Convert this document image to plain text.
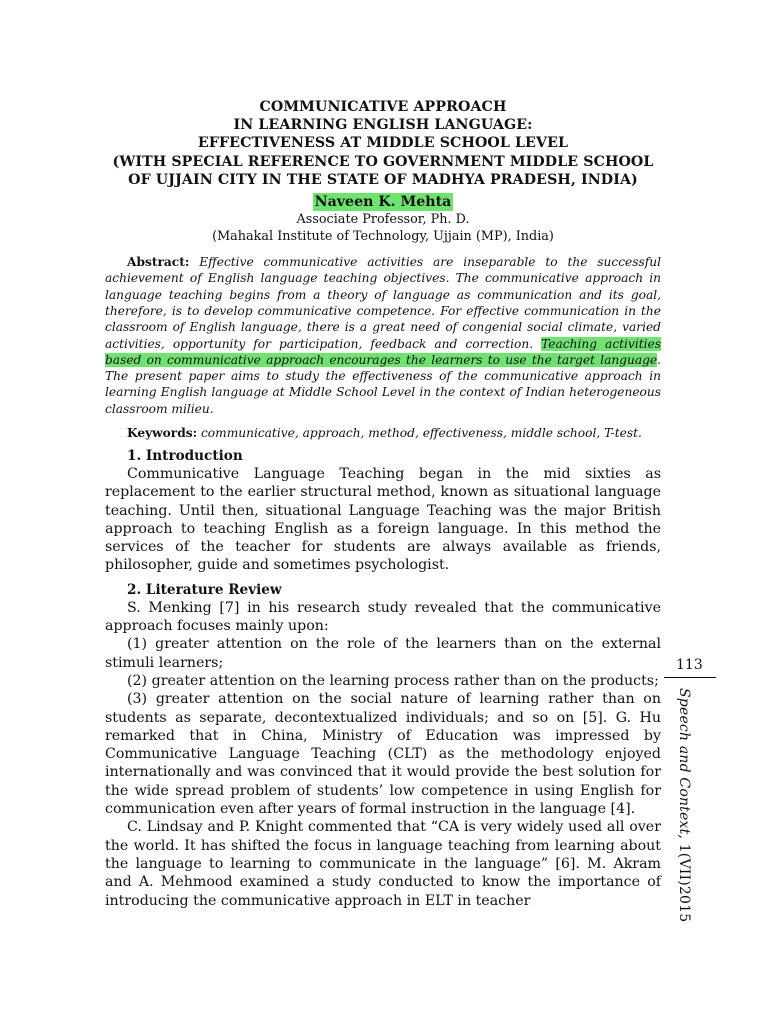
COMMUNICATIVE APPROACH
IN LEARNING ENGLISH LANGUAGE:
EFFECTIVENESS AT MIDDLE SCHOOL LEVEL
(WITH SPECIAL REFERENCE TO GOVERNMENT MIDDLE SCHOOL
OF UJJAIN CITY IN THE STATE OF MADHYA PRADESH, INDIA)
Naveen K. Mehta
Associate Professor, Ph. D.
(Mahakal Institute of Technology, Ujjain (MP), India)
Abstract: Effective communicative activities are inseparable to the successful achievement of English language teaching objectives. The communicative approach in language teaching begins from a theory of language as communication and its goal, therefore, is to develop communicative competence. For effective communication in the classroom of English language, there is a great need of congenial social climate, varied activities, opportunity for participation, feedback and correction. Teaching activities based on communicative approach encourages the learners to use the target language. The present paper aims to study the effectiveness of the communicative approach in learning English language at Middle School Level in the context of Indian heterogeneous classroom milieu.
Keywords: communicative, approach, method, effectiveness, middle school, T-test.
1. Introduction

Communicative Language Teaching began in the mid sixties as replacement to the earlier structural method, known as situational language teaching. Until then, situational Language Teaching was the major British approach to teaching English as a foreign language. In this method the services of the teacher for students are always available as friends, philosopher, guide and sometimes psychologist.

2. Literature Review

S. Menking [7] in his research study revealed that the communicative approach focuses mainly upon:

(1) greater attention on the role of the learners than on the external stimuli learners;

(2) greater attention on the learning process rather than on the products;

(3) greater attention on the social nature of learning rather than on students as separate, decontextualized individuals; and so on [5]. G. Hu remarked that in China, Ministry of Education was impressed by Communicative Language Teaching (CLT) as the methodology enjoyed internationally and was convinced that it would provide the best solution for the wide spread problem of students’ low competence in using English for communication even after years of formal instruction in the language [4].

C. Lindsay and P. Knight commented that “CA is very widely used all over the world. It has shifted the focus in language teaching from learning about the language to learning to communicate in the language” [6]. M. Akram and A. Mehmood examined a study conducted to know the importance of introducing the communicative approach in ELT in teacher

113
Speech and Context, 1(VII)2015
